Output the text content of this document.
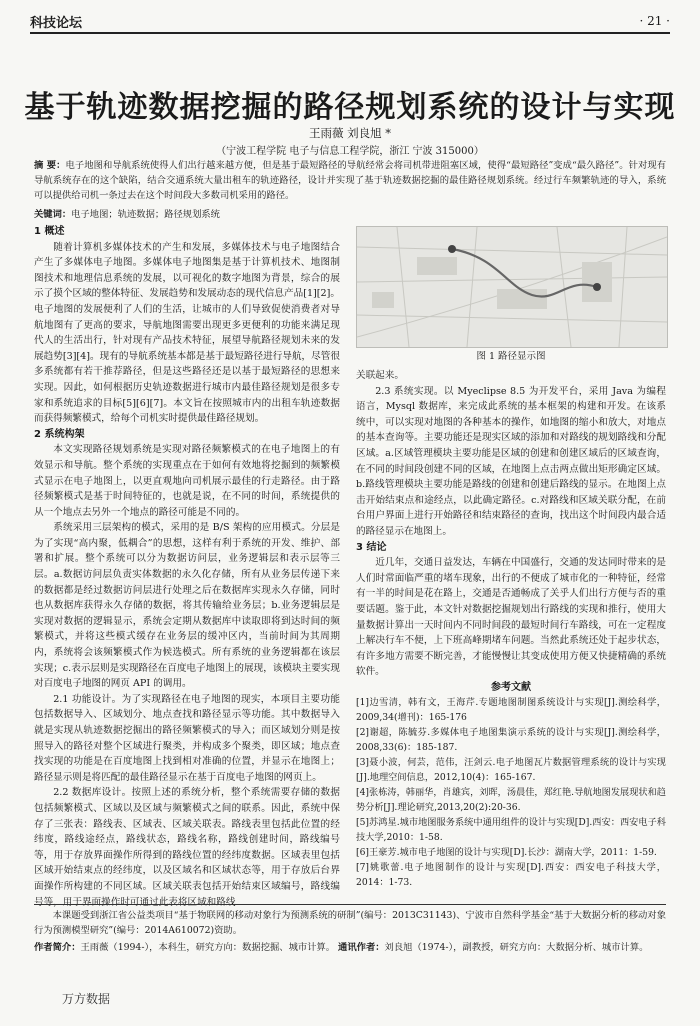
科技论坛	· 21 ·
基于轨迹数据挖掘的路径规划系统的设计与实现
王雨薇 刘良旭 *
（宁波工程学院 电子与信息工程学院，浙江 宁波 315000）
摘 要：电子地图和导航系统使得人们出行越来越方便，但是基于最短路径的导航经常会将司机带进阻塞区域，使得“最短路径”变成“最久路径”。针对现有导航系统存在的这个缺陷，结合交通系统大量出租车的轨迹路径，设计并实现了基于轨迹数据挖掘的最佳路径规划系统。经过行车频繁轨迹的导入，系统可以提供给司机一条过去在这个时间段大多数司机采用的路径。
关键词：电子地图；轨迹数据；路径规划系统
1 概述

随着计算机多媒体技术的产生和发展，多媒体技术与电子地图结合产生了多媒体电子地图。多媒体电子地图集是基于计算机技术、地图制图技术和地理信息系统的发展，以可视化的数字地图为背景，综合的展示了摸个区域的整体特征、发展趋势和发展动态的现代信息产品[1][2]。电子地图的发展便利了人们的生活，让城市的人们导致促使消费者对导航地图有了更高的要求，导航地图需要出现更多更便利的功能来满足现代人的生活出行，针对现有产品技术特征，展望导航路径规划未来的发展趋势[3][4]。现有的导航系统基本都是基于最短路径进行导航，尽管很多系统都有若干推荐路径，但是这些路径还是以基于最短路径的思想来实现。因此，如何根据历史轨迹数据进行城市内最佳路径规划是很多专家和系统追求的目标[5][6][7]。本文旨在按照城市内的出租车轨迹数据而获得频繁模式，给每个司机实时提供最佳路径规划。

2 系统构架

本文实现路径规划系统是实现对路径频繁模式的在电子地图上的有效显示和导航。整个系统的实现重点在于如何有效地将挖掘到的频繁模式显示在电子地图上，以更直观地向司机展示最佳的行走路径。由于路径频繁模式是基于时间特征的，也就是说，在不同的时间，系统提供的从一个地点去另外一个地点的路径可能是不同的。

系统采用三层架构的模式，采用的是 B/S 架构的应用模式。分层是为了实现“高内聚，低耦合”的思想，这样有利于系统的开发、维护、部署和扩展。整个系统可以分为数据访问层，业务逻辑层和表示层等三层。a.数据访问层负责实体数据的永久化存储，所有从业务层传递下来的数据都是经过数据访问层进行处理之后在数据库实现永久存储，同时也从数据库获得永久存储的数据，将其传输给业务层；b.业务逻辑层是实现对数据的逻辑显示，系统会定期从数据库中读取即将到达时间的频繁模式，并将这些模式缓存在业务层的缓冲区内，当前时间为其周期内，系统将会该频繁模式作为候选模式。所有系统的业务逻辑都在该层实现；c.表示层则是实现路径在百度电子地图上的展现，该模块主要实现对百度电子地图的网页 API 的调用。

2.1 功能设计。为了实现路径在电子地图的现实，本项目主要功能包括数据导入、区域划分、地点查找和路径显示等功能。其中数据导入就是实现从轨迹数据挖掘出的路径频繁模式的导入；而区域划分则是按照导入的路径对整个区域进行聚类，并构成多个聚类，即区域；地点查找实现的功能是在百度地图上找到相对准确的位置，并显示在地图上；路径显示则是将匹配的最佳路径显示在基于百度电子地图的网页上。

2.2 数据库设计。按照上述的系统分析，整个系统需要存储的数据包括频繁模式、区域以及区域与频繁模式之间的联系。因此，系统中保存了三张表：路线表、区域表、区域关联表。路线表里包括此位置的经纬度，路线途经点，路线状态，路线名称，路线创建时间，路线编号等，用于存放界面操作所得到的路线位置的经纬度数据。区域表里包括区域开始结束点的经纬度，以及区域名和区域状态等，用于存放后台界面操作所构建的不同区域。区域关联表包括开始结束区域编号，路线编号等，用于界面操作时可通过此表将区域和路线

图 1 路径显示图

关联起来。

2.3 系统实现。以 Myeclipse 8.5 为开发平台，采用 Java 为编程语言，Mysql 数据库，来完成此系统的基本框架的构建和开发。在该系统中，可以实现对地图的各种基本的操作，如地图的缩小和放大，对地点的基本查询等。主要功能还是现实区域的添加和对路线的规划路线和分配区域。a.区域管理模块主要功能是区域的创建和创建区域后的区域查询，在不同的时间段创建不同的区域，在地图上点击两点做出矩形确定区域。b.路线管理模块主要功能是路线的创建和创建后路线的显示。在地图上点击开始结束点和途经点，以此确定路径。c.对路线和区域关联分配，在前台用户界面上进行开始路径和结束路径的查询，找出这个时间段内最合适的路径显示在地图上。

3 结论

近几年，交通日益发达，车辆在中国盛行，交通的发达同时带来的是人们时常面临严重的堵车现象，出行的不便成了城市化的一种特征，经常有一半的时间是花在路上，交通是否通畅成了关乎人们出行方便与否的重要话题。鉴于此，本文针对数据挖掘规划出行路线的实现和推行，使用大量数据计算出一天时间内不同时间段的最短时间行车路线，可在一定程度上解决行车不便，上下班高峰期堵车问题。当然此系统还处于起步状态，有许多地方需要不断完善，才能慢慢让其变成使用方便又快捷精确的系统软件。

参考文献

[1]边雪清，韩有文，王海芹.专题地图制图系统设计与实现[J].测绘科学，2009,34(增刊)：165-176

[2]谢超，陈毓芬.多媒体电子地图集演示系统的设计与实现[J].测绘科学，2008,33(6)：185-187.

[3]聂小波，何芸，范伟，汪剑云.电子地图瓦片数据管理系统的设计与实现[J].地理空间信息，2012,10(4)：165-167.

[4]张栋涛，韩丽华，肖雄宾，刘晖，汤晨佳，郑红艳.导航地图发展现状和趋势分析[J].理论研究,2013,20(2):20-36.

[5]苏鸿星.城市地图服务系统中通用组件的设计与实现[D].西安：西安电子科技大学,2010：1-58.

[6]王豪芳.城市电子地图的设计与实现[D].长沙：湖南大学，2011：1-59.

[7]姚歌蕾.电子地图制作的设计与实现[D].西安：西安电子科技大学，2014：1-73.

本课题受到浙江省公益类项目“基于物联网的移动对象行为预测系统的研制”(编号：2013C31143)、宁波市自然科学基金“基于大数据分析的移动对象行为预测模型研究”(编号：2014A610072)资助。
作者简介：王雨薇（1994-），本科生，研究方向：数据挖掘、城市计算。 通讯作者：刘良旭（1974-），副教授，研究方向：大数据分析、城市计算。
万方数据
